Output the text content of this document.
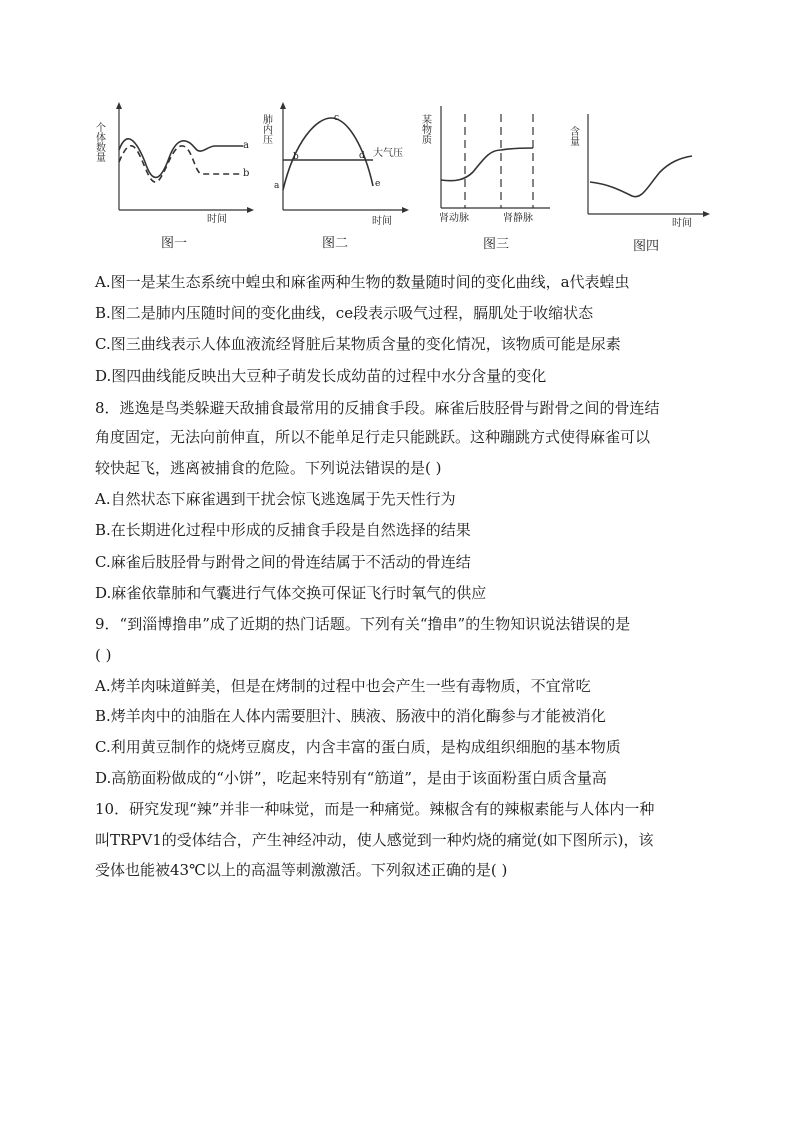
个体数量	a
b
时间
图一
肺内压
a
b
c
d
e
大气压
时间
图二
某物质
肾动脉	肾静脉
图三
含量
时间
图四
A.图一是某生态系统中蝗虫和麻雀两种生物的数量随时间的变化曲线，a代表蝗虫
B.图二是肺内压随时间的变化曲线，ce段表示吸气过程，膈肌处于收缩状态
C.图三曲线表示人体血液流经肾脏后某物质含量的变化情况，该物质可能是尿素
D.图四曲线能反映出大豆种子萌发长成幼苗的过程中水分含量的变化
8．逃逸是鸟类躲避天敌捕食最常用的反捕食手段。麻雀后肢胫骨与跗骨之间的骨连结
角度固定，无法向前伸直，所以不能单足行走只能跳跃。这种蹦跳方式使得麻雀可以
较快起飞，逃离被捕食的危险。下列说法错误的是( )
A.自然状态下麻雀遇到干扰会惊飞逃逸属于先天性行为
B.在长期进化过程中形成的反捕食手段是自然选择的结果
C.麻雀后肢胫骨与跗骨之间的骨连结属于不活动的骨连结
D.麻雀依靠肺和气囊进行气体交换可保证飞行时氧气的供应
9．“到淄博撸串”成了近期的热门话题。下列有关“撸串”的生物知识说法错误的是
( )
A.烤羊肉味道鲜美，但是在烤制的过程中也会产生一些有毒物质，不宜常吃
B.烤羊肉中的油脂在人体内需要胆汁、胰液、肠液中的消化酶参与才能被消化
C.利用黄豆制作的烧烤豆腐皮，内含丰富的蛋白质，是构成组织细胞的基本物质
D.高筋面粉做成的“小饼”，吃起来特别有“筋道”，是由于该面粉蛋白质含量高
10．研究发现“辣”并非一种味觉，而是一种痛觉。辣椒含有的辣椒素能与人体内一种
叫TRPV1的受体结合，产生神经冲动，使人感觉到一种灼烧的痛觉(如下图所示)，该
受体也能被43℃以上的高温等刺激激活。下列叙述正确的是( )
